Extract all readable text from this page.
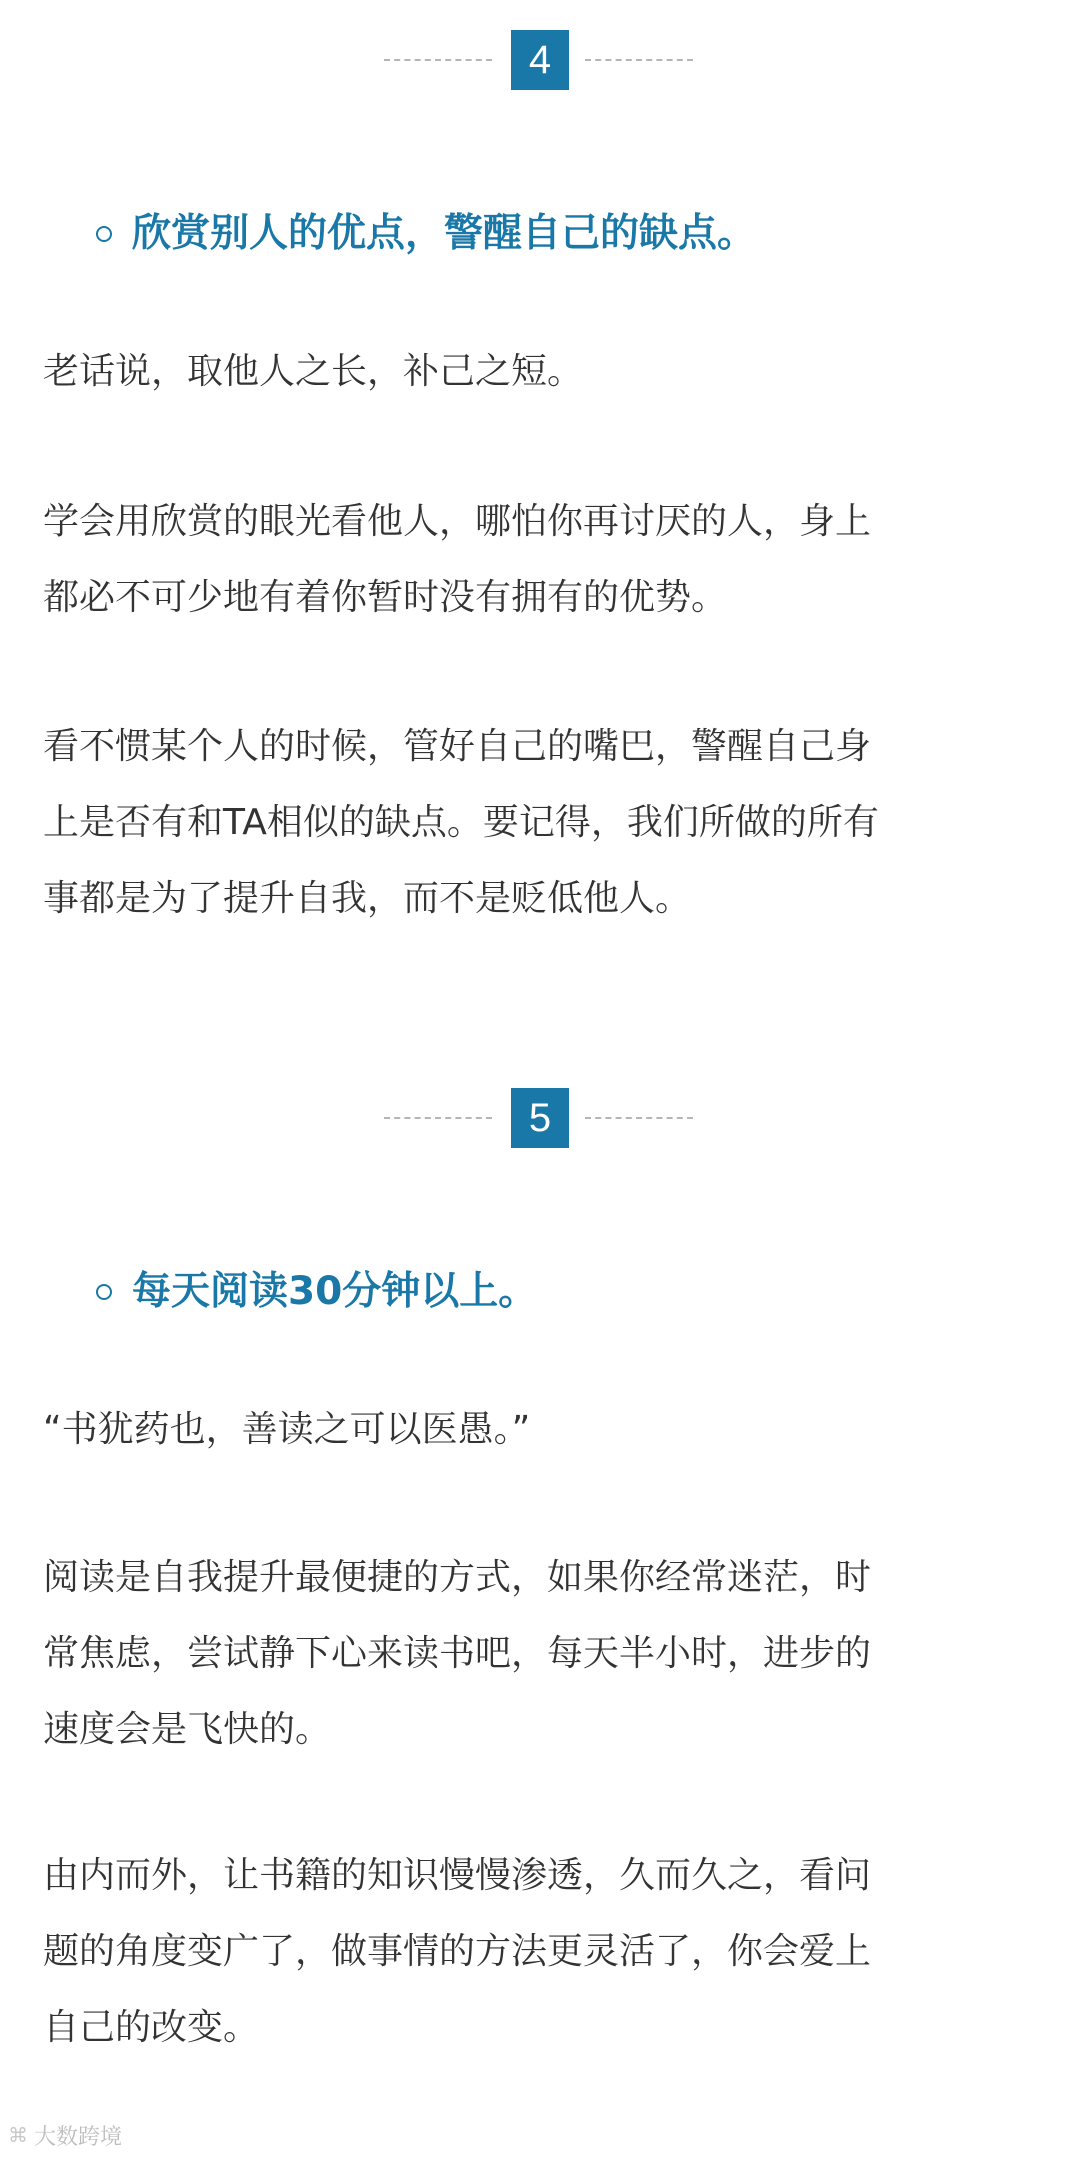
4
欣赏别人的优点，警醒自己的缺点。
老话说，取他人之长，补己之短。
学会用欣赏的眼光看他人，哪怕你再讨厌的人，身上
都必不可少地有着你暂时没有拥有的优势。
看不惯某个人的时候，管好自己的嘴巴，警醒自己身
上是否有和TA相似的缺点。要记得，我们所做的所有
事都是为了提升自我，而不是贬低他人。
5
每天阅读30分钟以上。
“书犹药也，善读之可以医愚。”
阅读是自我提升最便捷的方式，如果你经常迷茫，时
常焦虑，尝试静下心来读书吧，每天半小时，进步的
速度会是飞快的。
由内而外，让书籍的知识慢慢渗透，久而久之，看问
题的角度变广了，做事情的方法更灵活了，你会爱上
自己的改变。
⌘ 大数跨境
